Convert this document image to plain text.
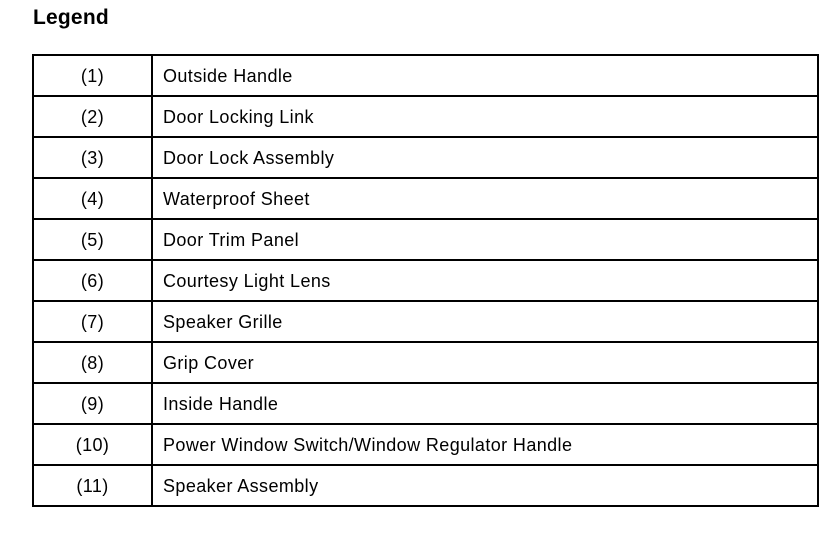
Legend
(1)	Outside Handle
(2)	Door Locking Link
(3)	Door Lock Assembly
(4)	Waterproof Sheet
(5)	Door Trim Panel
(6)	Courtesy Light Lens
(7)	Speaker Grille
(8)	Grip Cover
(9)	Inside Handle
(10)	Power Window Switch/Window Regulator Handle
(11)	Speaker Assembly
